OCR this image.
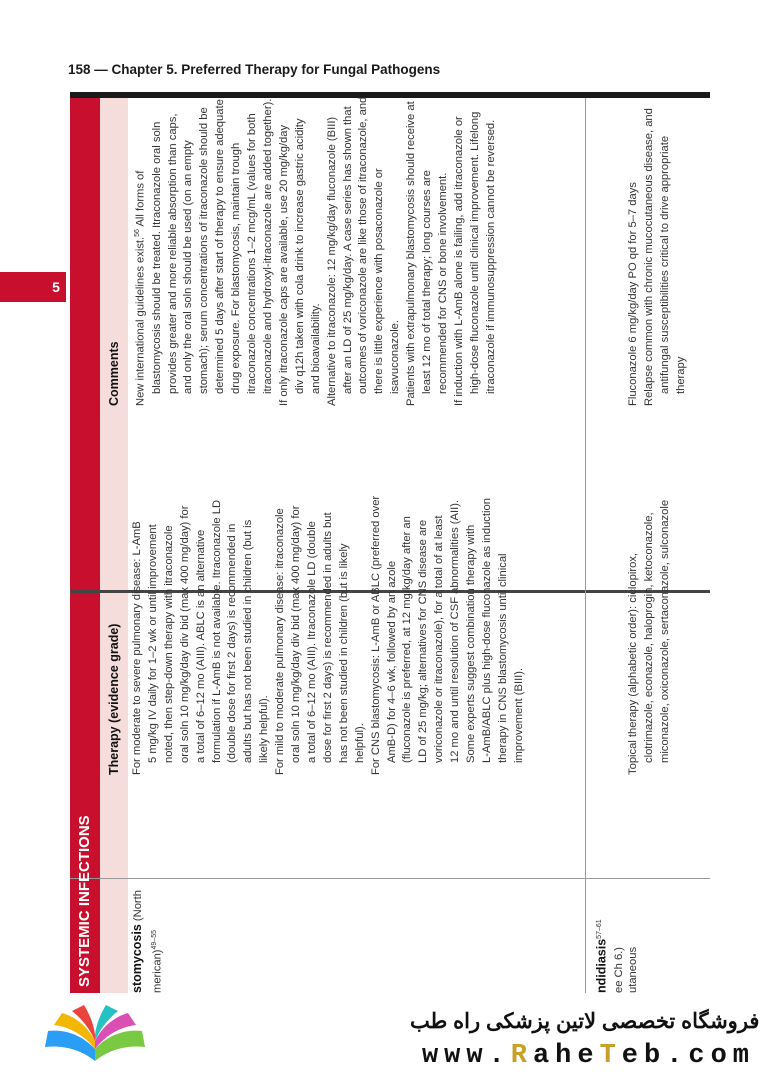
158 — Chapter 5. Preferred Therapy for Fungal Pathogens
5
SYSTEMIC INFECTIONS
Therapy (evidence grade)
Comments
stomycosis (North
merican)$^{49-55}$
For moderate to severe pulmonary disease: L-AmB 5 mg/kg IV daily for 1–2 wk or until improvement noted, then step-down therapy with itraconazole oral soln 10 mg/kg/day div bid (max 400 mg/day) for a total of 6–12 mo (AIII). ABLC is an alternative formulation if L-AmB is not available. Itraconazole LD (double dose for first 2 days) is recommended in adults but has not been studied in children (but is likely helpful). For mild to moderate pulmonary disease: itraconazole oral soln 10 mg/kg/day div bid (max 400 mg/day) for a total of 6–12 mo (AIII). Itraconazole LD (double dose for first 2 days) is recommended in adults but has not been studied in children (but is likely helpful). For CNS blastomycosis: L-AmB or ABLC (preferred over AmB-D) for 4–6 wk, followed by an azole (fluconazole is preferred, at 12 mg/kg/day after an LD of 25 mg/kg; alternatives for CNS disease are voriconazole or itraconazole), for a total of at least 12 mo and until resolution of CSF abnormalities (AII). Some experts suggest combination therapy with L-AmB/ABLC plus high-dose fluconazole as induction therapy in CNS blastomycosis until clinical improvement (BIII).
New international guidelines exist.$^{56}$ All forms of blastomycosis should be treated. Itraconazole oral soln provides greater and more reliable absorption than caps, and only the oral soln should be used (on an empty stomach); serum concentrations of itraconazole should be determined 5 days after start of therapy to ensure adequate drug exposure. For blastomycosis, maintain trough itraconazole concentrations 1–2 mcg/mL (values for both itraconazole and hydroxyl-itraconazole are added together). If only itraconazole caps are available, use 20 mg/kg/day div q12h taken with cola drink to increase gastric acidity and bioavailability. Alternative to itraconazole: 12 mg/kg/day fluconazole (BIII) after an LD of 25 mg/kg/day. A case series has shown that outcomes of voriconazole are like those of itraconazole, and there is little experience with posaconazole or isavuconazole. Patients with extrapulmonary blastomycosis should receive at least 12 mo of total therapy; long courses are recommended for CNS or bone involvement. If induction with L-AmB alone is failing, add itraconazole or high-dose fluconazole until clinical improvement. Lifelong itraconazole if immunosuppression cannot be reversed.
ndidiasis$^{57-61}$
ee Ch 6.) utaneous
Topical therapy (alphabetic order): ciclopirox, clotrimazole, econazole, haloprogin, ketoconazole, miconazole, oxiconazole, sertaconazole, sulconazole
Fluconazole 6 mg/kg/day PO qd for 5–7 days Relapse common with chronic mucocutaneous disease, and antifungal susceptibilities critical to drive appropriate therapy
فروشگاه تخصصی لاتین پزشکی راه طب
www.RaheTeb.com
